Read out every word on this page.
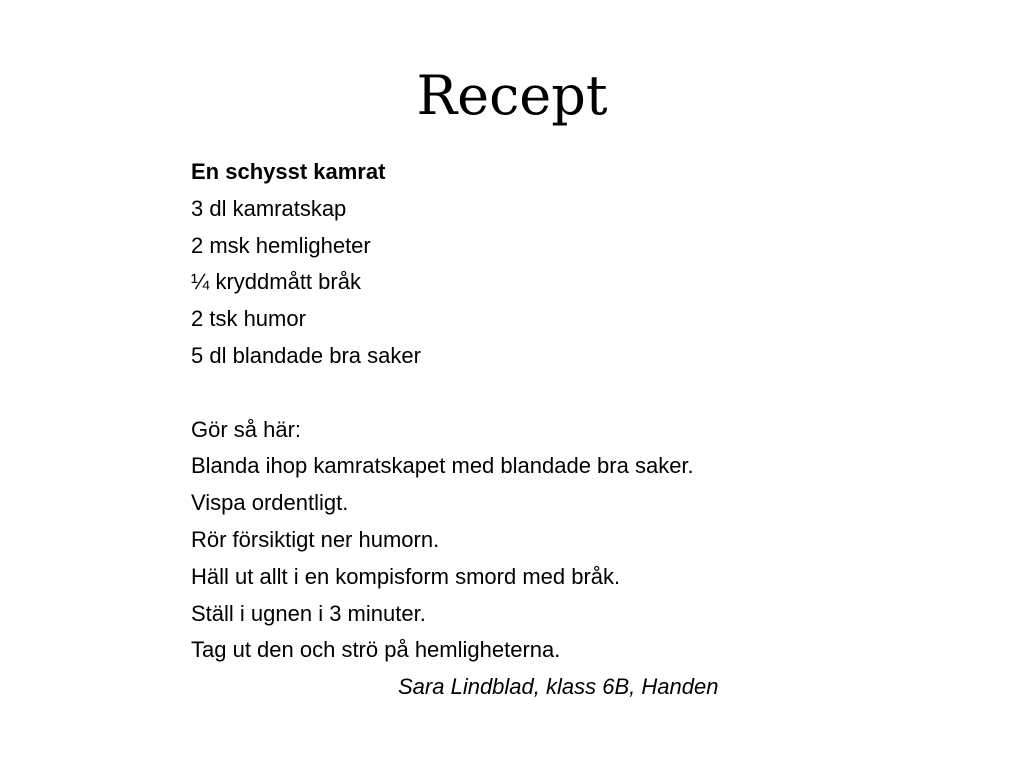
Recept
En schysst kamrat
3 dl kamratskap
2 msk hemligheter
¼ kryddmått bråk
2 tsk humor
5 dl blandade bra saker
Gör så här:
Blanda ihop kamratskapet med blandade bra saker.
Vispa ordentligt.
Rör försiktigt ner humorn.
Häll ut allt i en kompisform smord med bråk.
Ställ i ugnen i 3 minuter.
Tag ut den och strö på hemligheterna.
Sara Lindblad, klass 6B, Handen
